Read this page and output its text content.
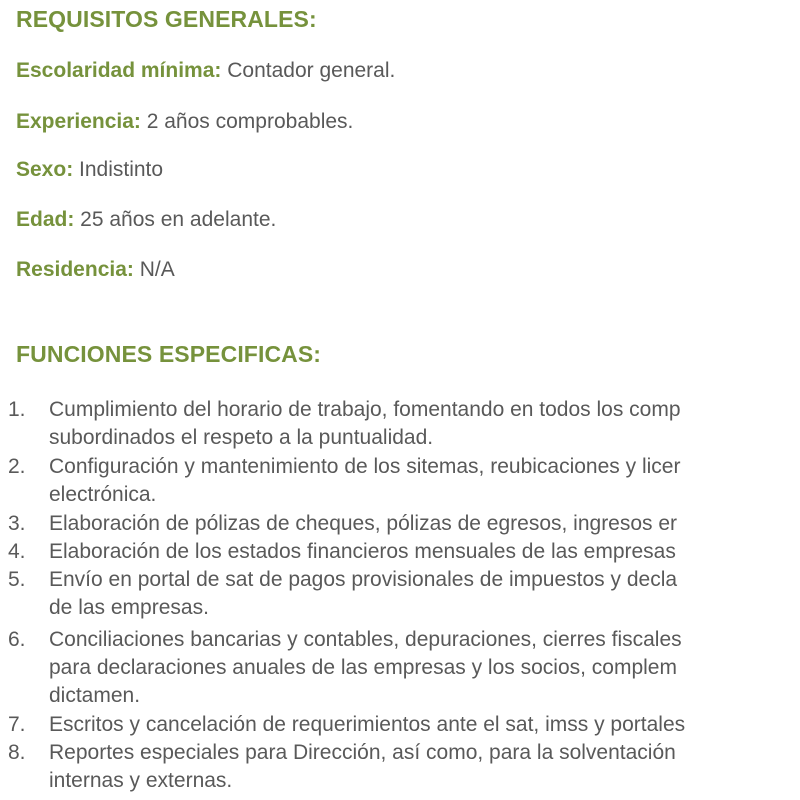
REQUISITOS GENERALES:
Escolaridad mínima: Contador general.
Experiencia: 2 años comprobables.
Sexo: Indistinto
Edad: 25 años en adelante.
Residencia: N/A
FUNCIONES ESPECIFICAS:
1. Cumplimiento del horario de trabajo, fomentando en todos los comp
subordinados el respeto a la puntualidad.
2. Configuración y mantenimiento de los sitemas, reubicaciones y licer
electrónica.
3. Elaboración de pólizas de cheques, pólizas de egresos, ingresos er
4. Elaboración de los estados financieros mensuales de las empresas
5. Envío en portal de sat de pagos provisionales de impuestos y decla
de las empresas.
6. Conciliaciones bancarias y contables, depuraciones, cierres fiscales
para declaraciones anuales de las empresas y los socios, complem
dictamen.
7. Escritos y cancelación de requerimientos ante el sat, imss y portales
8. Reportes especiales para Dirección, así como, para la solventación
internas y externas.
